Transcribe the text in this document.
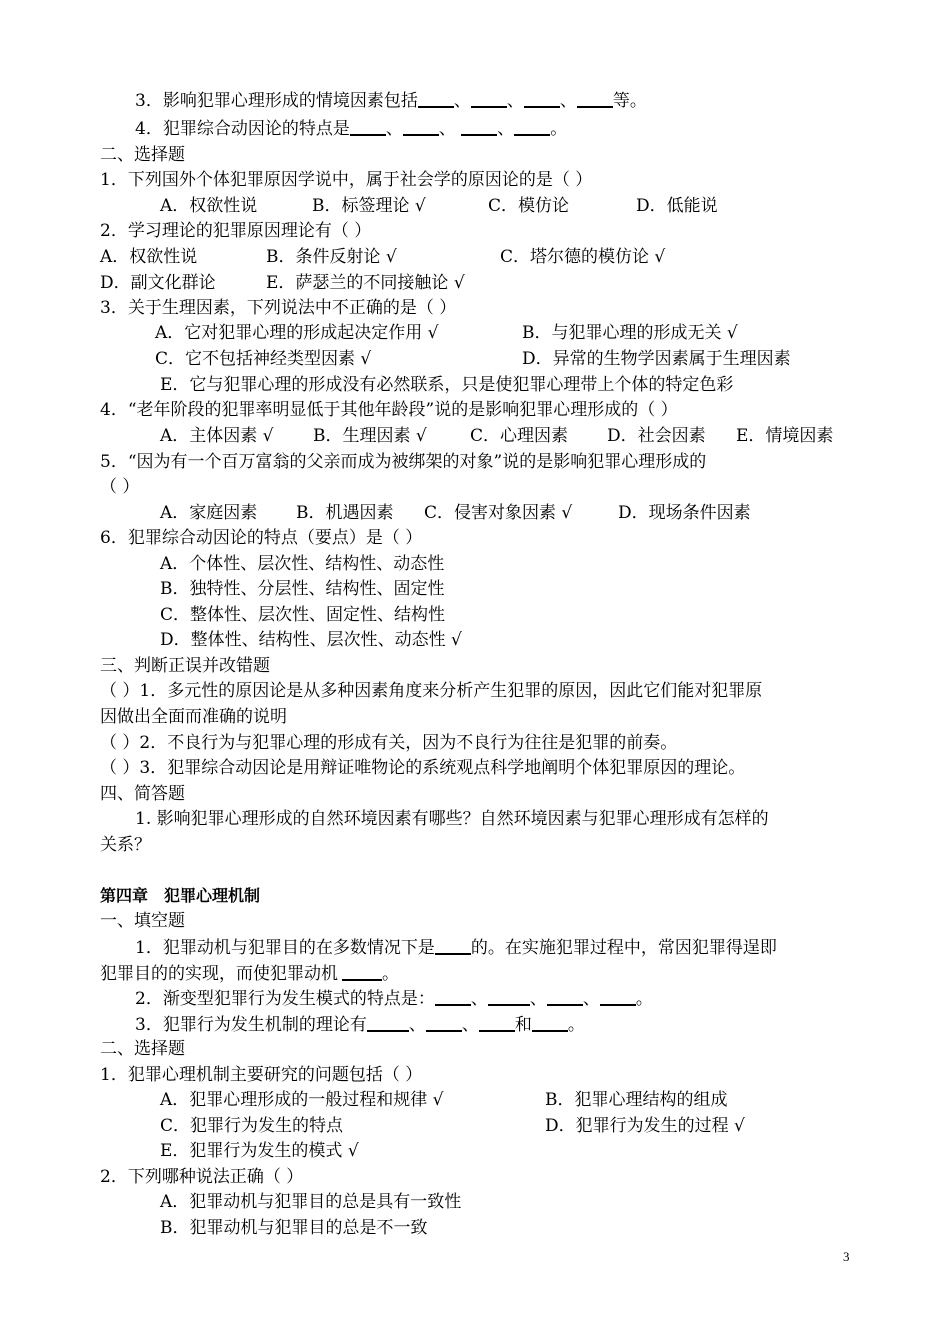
3．影响犯罪心理形成的情境因素包括 、 、 、 等。
4．犯罪综合动因论的特点是 、 、 、 。
二、选择题
1．下列国外个体犯罪原因学说中，属于社会学的原因论的是（ ）
A．权欲性说	B．标签理论 √	C．模仿论	D．低能说
2．学习理论的犯罪原因理论有（ ）
A．权欲性说	B．条件反射论 √	C．塔尔德的模仿论 √
D．副文化群论	E．萨瑟兰的不同接触论 √
3．关于生理因素，下列说法中不正确的是（ ）
A．它对犯罪心理的形成起决定作用 √	B．与犯罪心理的形成无关 √
C．它不包括神经类型因素 √	D．异常的生物学因素属于生理因素
E．它与犯罪心理的形成没有必然联系，只是使犯罪心理带上个体的特定色彩
4．“老年阶段的犯罪率明显低于其他年龄段”说的是影响犯罪心理形成的（ ）
A．主体因素 √ B．生理因素 √	C．心理因素 D．社会因素 E．情境因素
5．“因为有一个百万富翁的父亲而成为被绑架的对象”说的是影响犯罪心理形成的
（ ）
A．家庭因素 B．机遇因素 C．侵害对象因素 √	D．现场条件因素
6．犯罪综合动因论的特点（要点）是（ ）
A．个体性、层次性、结构性、动态性
B．独特性、分层性、结构性、固定性
C．整体性、层次性、固定性、结构性
D．整体性、结构性、层次性、动态性 √
三、判断正误并改错题
（ ）1．多元性的原因论是从多种因素角度来分析产生犯罪的原因，因此它们能对犯罪原
因做出全面而准确的说明
（ ）2．不良行为与犯罪心理的形成有关，因为不良行为往往是犯罪的前奏。
（ ）3．犯罪综合动因论是用辩证唯物论的系统观点科学地阐明个体犯罪原因的理论。
四、简答题
1. 影响犯罪心理形成的自然环境因素有哪些？自然环境因素与犯罪心理形成有怎样的
关系？
第四章　犯罪心理机制
一、填空题
1．犯罪动机与犯罪目的在多数情况下是 的。在实施犯罪过程中，常因犯罪得逞即
犯罪目的的实现，而使犯罪动机	。
2．渐变型犯罪行为发生模式的特点是： 、 、 、 。
3．犯罪行为发生机制的理论有 、 、 和 。
二、选择题
1．犯罪心理机制主要研究的问题包括（ ）
A．犯罪心理形成的一般过程和规律 √	B．犯罪心理结构的组成
C．犯罪行为发生的特点	D．犯罪行为发生的过程 √
E．犯罪行为发生的模式 √
2．下列哪种说法正确（ ）
A．犯罪动机与犯罪目的总是具有一致性
B．犯罪动机与犯罪目的总是不一致
3
